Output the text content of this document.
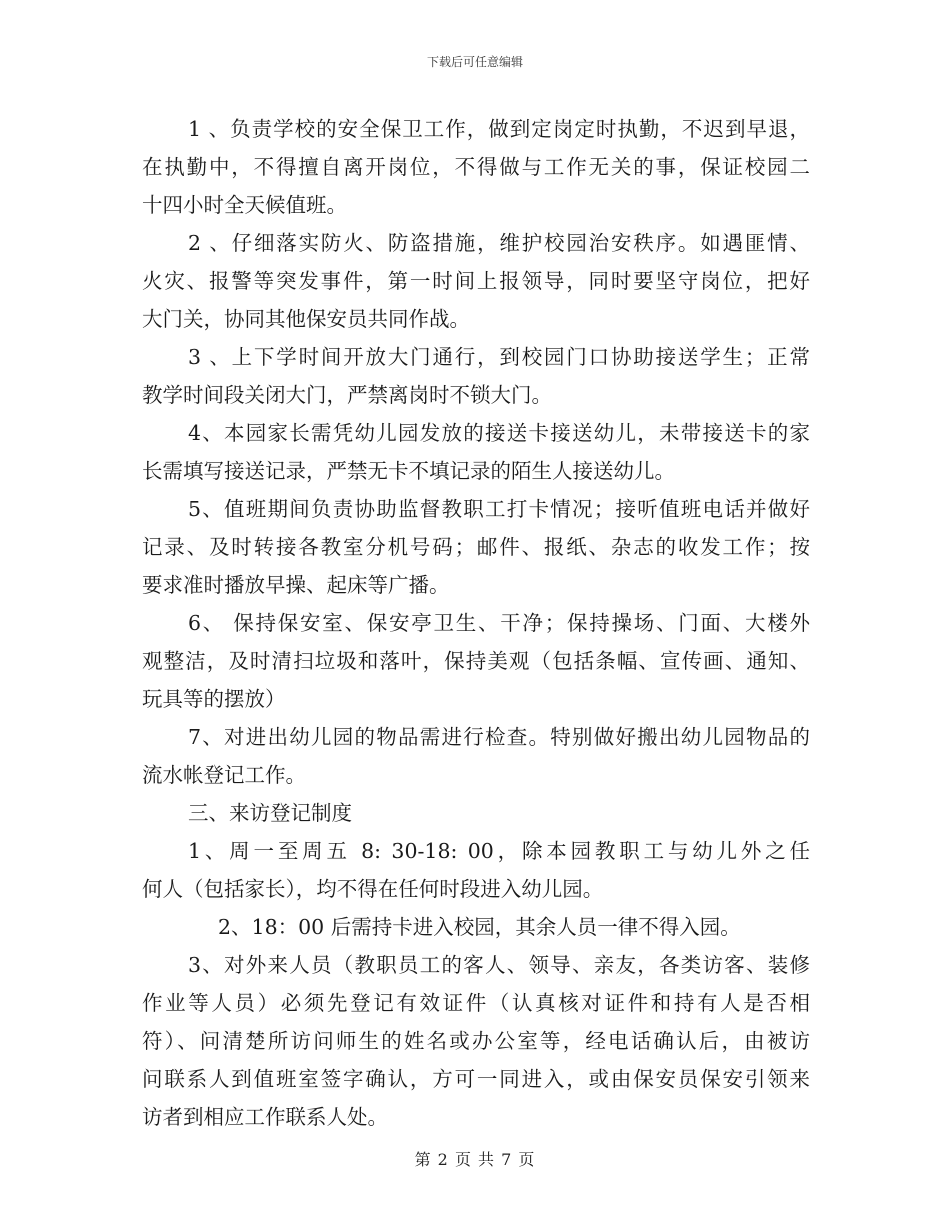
下载后可任意编辑
1 、负责学校的安全保卫工作，做到定岗定时执勤，不迟到早退，
在执勤中，不得擅自离开岗位，不得做与工作无关的事，保证校园二
十四小时全天候值班。
2 、仔细落实防火、防盗措施，维护校园治安秩序。如遇匪情、
火灾、报警等突发事件，第一时间上报领导，同时要坚守岗位，把好
大门关，协同其他保安员共同作战。
3 、上下学时间开放大门通行，到校园门口协助接送学生；正常
教学时间段关闭大门，严禁离岗时不锁大门。
4、本园家长需凭幼儿园发放的接送卡接送幼儿，未带接送卡的家
长需填写接送记录，严禁无卡不填记录的陌生人接送幼儿。
5、值班期间负责协助监督教职工打卡情况；接听值班电话并做好
记录、及时转接各教室分机号码；邮件、报纸、杂志的收发工作；按
要求准时播放早操、起床等广播。
6、 保持保安室、保安亭卫生、干净；保持操场、门面、大楼外
观整洁，及时清扫垃圾和落叶，保持美观（包括条幅、宣传画、通知、
玩具等的摆放）
7、对进出幼儿园的物品需进行检查。特别做好搬出幼儿园物品的
流水帐登记工作。
三、来访登记制度
1、周一至周五 8: 30-18: 00，除本园教职工与幼儿外之任
何人（包括家长），均不得在任何时段进入幼儿园。
2、18：00 后需持卡进入校园，其余人员一律不得入园。
3、对外来人员（教职员工的客人、领导、亲友，各类访客、装修
作业等人员）必须先登记有效证件（认真核对证件和持有人是否相
符）、问清楚所访问师生的姓名或办公室等，经电话确认后，由被访
问联系人到值班室签字确认，方可一同进入，或由保安员保安引领来
访者到相应工作联系人处。
第 2 页 共 7 页
